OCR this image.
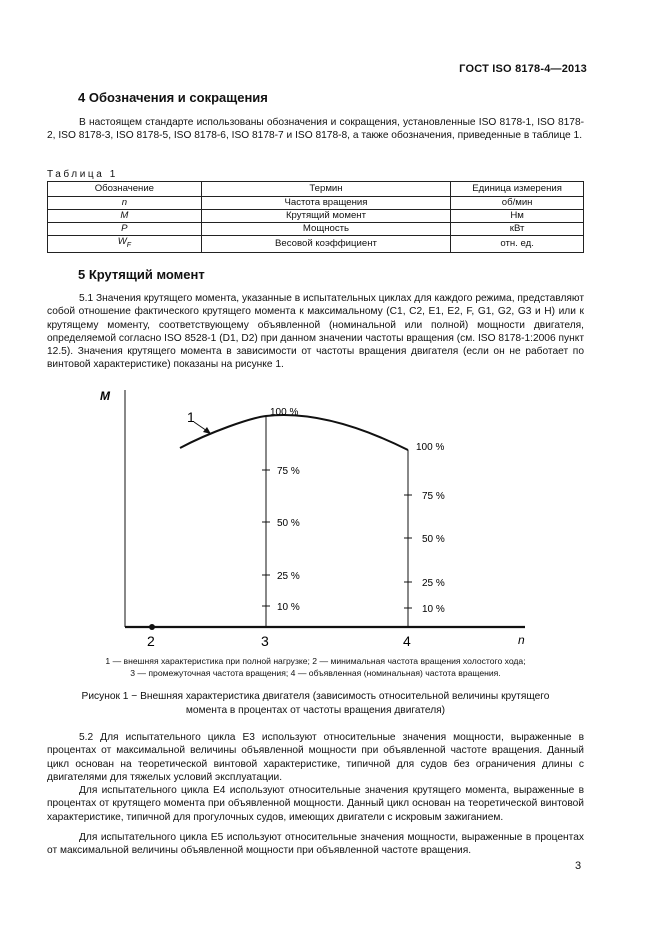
ГОСТ ISO 8178-4—2013
4 Обозначения и сокращения
В настоящем стандарте использованы обозначения и сокращения, установленные ISO 8178-1, ISO 8178-2, ISO 8178-3, ISO 8178-5, ISO 8178-6, ISO 8178-7 и ISO 8178-8, а также обозначения, приведенные в таблице 1.
Таблица 1
Обозначение	Термин	Единица измерения
n	Частота вращения	об/мин
M	Крутящий момент	Нм
P	Мощность	кВт
$W_F$	Весовой коэффициент	отн. ед.
5 Крутящий момент
5.1 Значения крутящего момента, указанные в испытательных циклах для каждого режима, представляют собой отношение фактического крутящего момента к максимальному (C1, C2, E1, E2, F, G1, G2, G3 и H) или к крутящему моменту, соответствующему объявленной (номинальной или полной) мощности двигателя, определяемой согласно ISO 8528-1 (D1, D2) при данном значении частоты вращения (см. ISO 8178-1:2006 пункт 12.5). Значения крутящего момента в зависимости от частоты вращения двигателя (если он не работает по винтовой характеристике) показаны на рисунке 1.
M
n
1	100 %
75 %
50 %
25 %
10 %
100 %
75 %
50 %
25 %
10 %
2	3	4
1 — внешняя характеристика при полной нагрузке; 2 — минимальная частота вращения холостого хода;
3 — промежуточная частота вращения; 4 — объявленная (номинальная) частота вращения.
Рисунок 1 − Внешняя характеристика двигателя (зависимость относительной величины крутящего
момента в процентах от частоты вращения двигателя)
5.2 Для испытательного цикла E3 используют относительные значения мощности, выраженные в процентах от максимальной величины объявленной мощности при объявленной частоте вращения. Данный цикл основан на теоретической винтовой характеристике, типичной для судов без ограничения длины с двигателями для тяжелых условий эксплуатации.
Для испытательного цикла E4 используют относительные значения крутящего момента, выраженные в процентах от крутящего момента при объявленной мощности. Данный цикл основан на теоретической винтовой характеристике, типичной для прогулочных судов, имеющих двигатели с искровым зажиганием.
Для испытательного цикла E5 используют относительные значения мощности, выраженные в процентах от максимальной величины объявленной мощности при объявленной частоте вращения.
3
